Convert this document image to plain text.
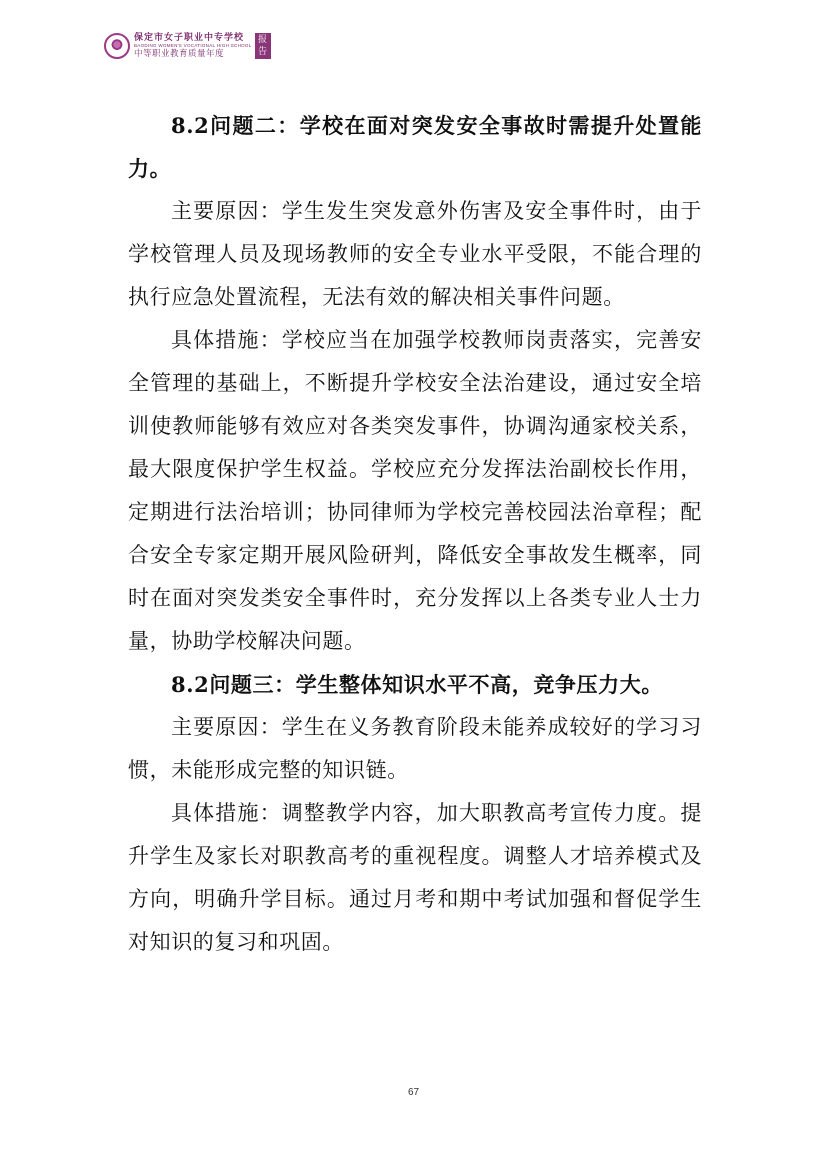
保定市女子职业中专学校
BAODING WOMEN'S VOCATIONAL HIGH SCHOOL
中等职业教育质量年度
报
告
8.2问题二：学校在面对突发安全事故时需提升处置能
力。
主要原因：学生发生突发意外伤害及安全事件时，由于
学校管理人员及现场教师的安全专业水平受限，不能合理的
执行应急处置流程，无法有效的解决相关事件问题。
具体措施：学校应当在加强学校教师岗责落实，完善安
全管理的基础上，不断提升学校安全法治建设，通过安全培
训使教师能够有效应对各类突发事件，协调沟通家校关系，
最大限度保护学生权益。学校应充分发挥法治副校长作用，
定期进行法治培训；协同律师为学校完善校园法治章程；配
合安全专家定期开展风险研判，降低安全事故发生概率，同
时在面对突发类安全事件时，充分发挥以上各类专业人士力
量，协助学校解决问题。
8.2问题三：学生整体知识水平不高，竞争压力大。
主要原因：学生在义务教育阶段未能养成较好的学习习
惯，未能形成完整的知识链。
具体措施：调整教学内容，加大职教高考宣传力度。提
升学生及家长对职教高考的重视程度。调整人才培养模式及
方向，明确升学目标。通过月考和期中考试加强和督促学生
对知识的复习和巩固。
67
